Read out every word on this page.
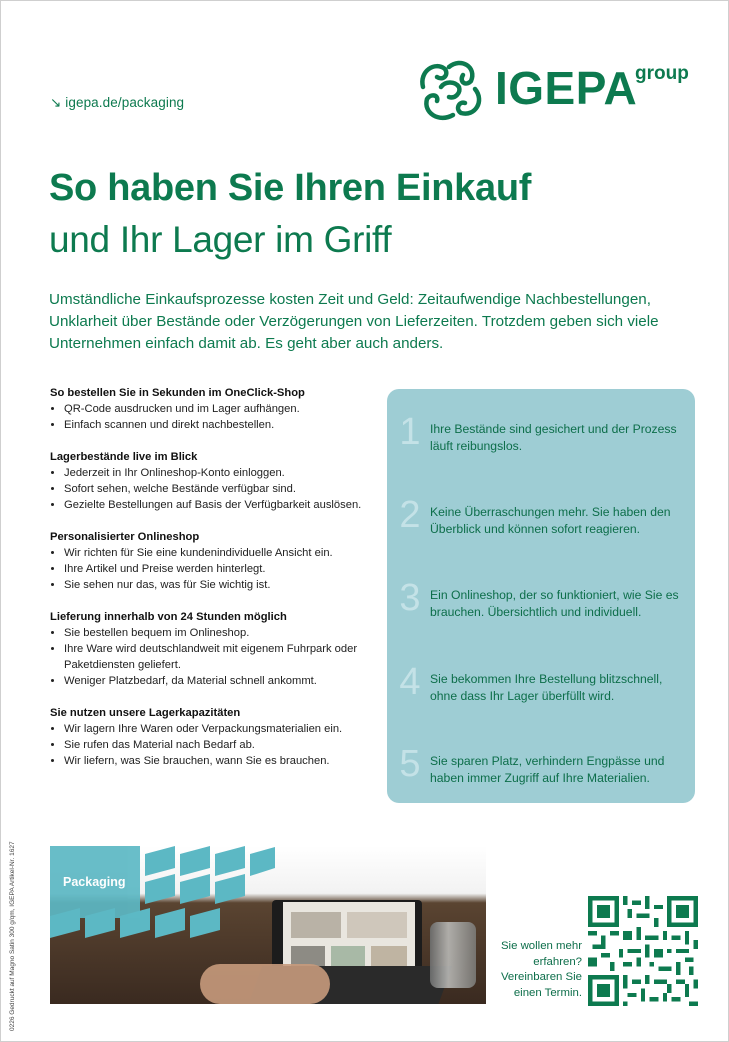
↘ igepa.de/packaging	IGEPA
group
So haben Sie Ihren Einkauf
und Ihr Lager im Griff

Umständliche Einkaufsprozesse kosten Zeit und Geld: Zeitaufwendige Nachbestellungen, Unklarheit über Bestände oder Verzögerungen von Lieferzeiten. Trotzdem geben sich viele Unternehmen einfach damit ab. Es geht aber auch anders.

So bestellen Sie in Sekunden im OneClick-Shop
• QR-Code ausdrucken und im Lager aufhängen.
• Einfach scannen und direkt nachbestellen.
Lagerbestände live im Blick
• Jederzeit in Ihr Onlineshop-Konto einloggen.
• Sofort sehen, welche Bestände verfügbar sind.
• Gezielte Bestellungen auf Basis der Verfügbarkeit auslösen.
Personalisierter Onlineshop
• Wir richten für Sie eine kundenindividuelle Ansicht ein.
• Ihre Artikel und Preise werden hinterlegt.
• Sie sehen nur das, was für Sie wichtig ist.
Lieferung innerhalb von 24 Stunden möglich
• Sie bestellen bequem im Onlineshop.
• Ihre Ware wird deutschlandweit mit eigenem Fuhrpark oder Paketdiensten geliefert.
• Weniger Platzbedarf, da Material schnell ankommt.
Sie nutzen unsere Lagerkapazitäten
• Wir lagern Ihre Waren oder Verpackungsmaterialien ein.
• Sie rufen das Material nach Bedarf ab.
• Wir liefern, was Sie brauchen, wann Sie es brauchen.
1 Ihre Bestände sind gesichert und der Prozess läuft reibungslos.
2 Keine Überraschungen mehr. Sie haben den Überblick und können sofort reagieren.
3 Ein Onlineshop, der so funktioniert, wie Sie es brauchen. Übersichtlich und individuell.
4 Sie bekommen Ihre Bestellung blitzschnell, ohne dass Ihr Lager überfüllt wird.
5 Sie sparen Platz, verhindern Engpässe und haben immer Zugriff auf Ihre Materialien.
Packaging
Sie wollen mehr erfahren? Vereinbaren Sie einen Termin.
0226 Gedruckt auf Magno Satin 300 g/qm, IGEPA Artikel-Nr. 1627
